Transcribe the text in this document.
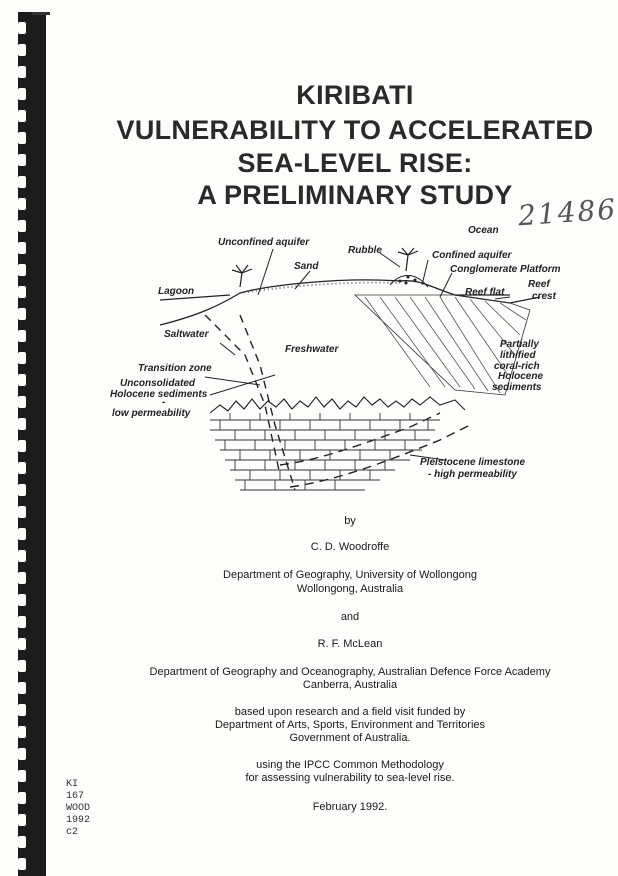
KIRIBATI
VULNERABILITY TO ACCELERATED
SEA-LEVEL RISE:
A PRELIMINARY STUDY 21486
Ocean
Unconfined aquifer
Rubble	Confined aquifer
Sand	Conglomerate Platform
Lagoon	Reef flat
Reef
crest
Saltwater
Freshwater	Partially
lithified
coral-rich
Holocene
sediments
Transition zone
Unconsolidated
Holocene sediments
-
low permeability
Pleistocene limestone
- high permeability
by
C. D. Woodroffe
Department of Geography, University of Wollongong
Wollongong, Australia
and
R. F. McLean
Department of Geography and Oceanography, Australian Defence Force Academy
Canberra, Australia
based upon research and a field visit funded by
Department of Arts, Sports, Environment and Territories
Government of Australia.
using the IPCC Common Methodology
for assessing vulnerability to sea-level rise.
February 1992.
KI
167
WOOD
1992
c2
